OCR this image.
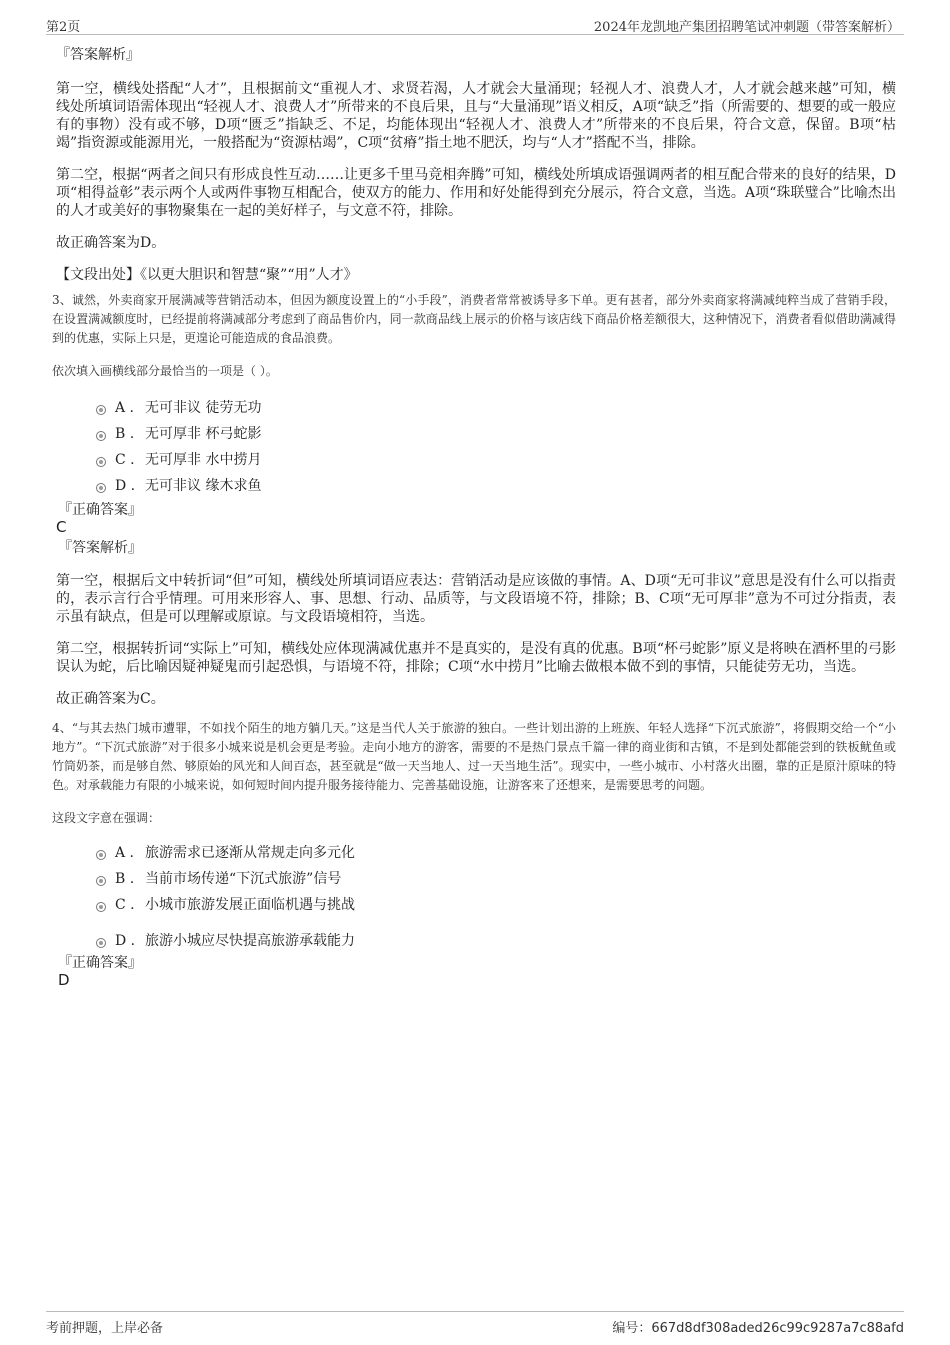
第2页	2024年龙凯地产集团招聘笔试冲刺题（带答案解析）
『答案解析』
第一空，横线处搭配“人才”，且根据前文“重视人才、求贤若渴，人才就会大量涌现；轻视人才、浪费人才，人才就会越来越”可知，横线处所填词语需体现出“轻视人才、浪费人才”所带来的不良后果，且与“大量涌现”语义相反，A项“缺乏”指（所需要的、想要的或一般应有的事物）没有或不够，D项“匮乏”指缺乏、不足，均能体现出“轻视人才、浪费人才”所带来的不良后果，符合文意，保留。B项“枯竭”指资源或能源用光，一般搭配为“资源枯竭”，C项“贫瘠”指土地不肥沃，均与“人才”搭配不当，排除。
第二空，根据“两者之间只有形成良性互动……让更多千里马竞相奔腾”可知，横线处所填成语强调两者的相互配合带来的良好的结果，D项“相得益彰”表示两个人或两件事物互相配合，使双方的能力、作用和好处能得到充分展示，符合文意，当选。A项“珠联璧合”比喻杰出的人才或美好的事物聚集在一起的美好样子，与文意不符，排除。
故正确答案为D。
【文段出处】《以更大胆识和智慧“聚”“用”人才》
3、诚然，外卖商家开展满减等营销活动本，但因为额度设置上的“小手段”，消费者常常被诱导多下单。更有甚者，部分外卖商家将满减纯粹当成了营销手段，在设置满减额度时，已经提前将满减部分考虑到了商品售价内，同一款商品线上展示的价格与该店线下商品价格差额很大，这种情况下，消费者看似借助满减得到的优惠，实际上只是，更遑论可能造成的食品浪费。
依次填入画横线部分最恰当的一项是（ ）。
A . 无可非议 徒劳无功
B . 无可厚非 杯弓蛇影
C . 无可厚非 水中捞月
D . 无可非议 缘木求鱼
『正确答案』
C
『答案解析』
第一空，根据后文中转折词“但”可知，横线处所填词语应表达：营销活动是应该做的事情。A、D项“无可非议”意思是没有什么可以指责的，表示言行合乎情理。可用来形容人、事、思想、行动、品质等，与文段语境不符，排除；B、C项“无可厚非”意为不可过分指责，表示虽有缺点，但是可以理解或原谅。与文段语境相符，当选。
第二空，根据转折词“实际上”可知，横线处应体现满减优惠并不是真实的，是没有真的优惠。B项“杯弓蛇影”原义是将映在酒杯里的弓影误认为蛇，后比喻因疑神疑鬼而引起恐惧，与语境不符，排除；C项“水中捞月”比喻去做根本做不到的事情，只能徒劳无功，当选。
故正确答案为C。
4、“与其去热门城市遭罪，不如找个陌生的地方躺几天。”这是当代人关于旅游的独白。一些计划出游的上班族、年轻人选择“下沉式旅游”，将假期交给一个“小地方”。“下沉式旅游”对于很多小城来说是机会更是考验。走向小地方的游客，需要的不是热门景点千篇一律的商业街和古镇，不是到处都能尝到的铁板鱿鱼或竹筒奶茶，而是够自然、够原始的风光和人间百态，甚至就是“做一天当地人、过一天当地生活”。现实中，一些小城市、小村落火出圈，靠的正是原汁原味的特色。对承载能力有限的小城来说，如何短时间内提升服务接待能力、完善基础设施，让游客来了还想来，是需要思考的问题。
这段文字意在强调：
A . 旅游需求已逐渐从常规走向多元化
B . 当前市场传递“下沉式旅游”信号
C . 小城市旅游发展正面临机遇与挑战
D . 旅游小城应尽快提高旅游承载能力
『正确答案』
D
考前押题，上岸必备	编号：667d8df308aded26c99c9287a7c88afd
